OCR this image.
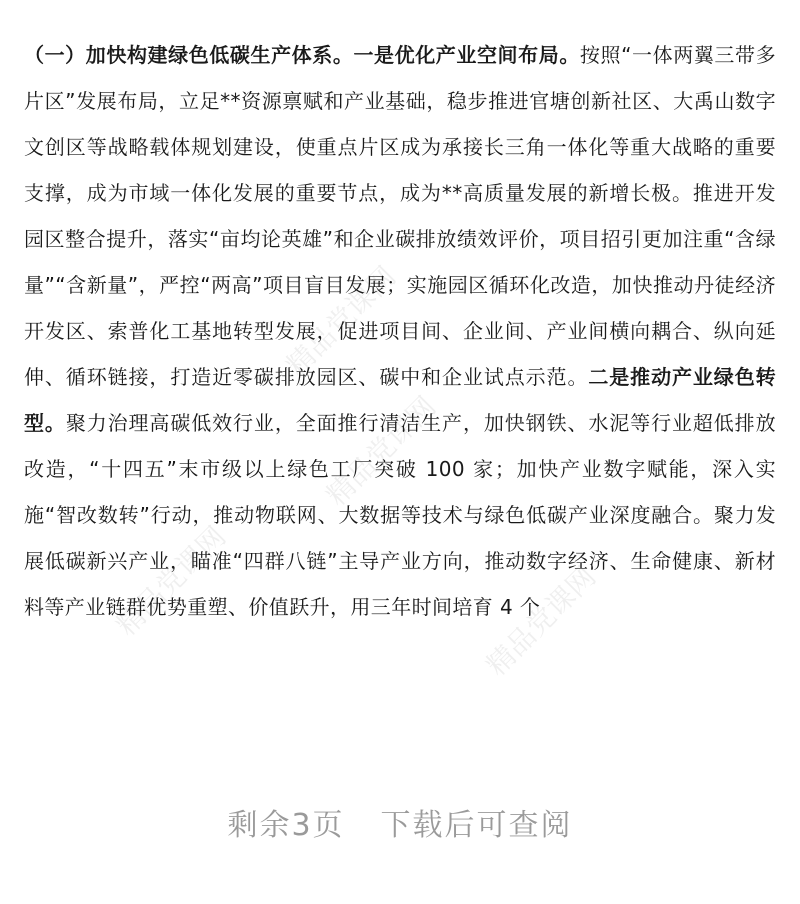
精品党课网
精品党课网
精品党课网	精品党课网

（一）加快构建绿色低碳生产体系。一是优化产业空间布局。按照“一体两翼三带多片区”发展布局，立足**资源禀赋和产业基础，稳步推进官塘创新社区、大禹山数字文创区等战略载体规划建设，使重点片区成为承接长三角一体化等重大战略的重要支撑，成为市域一体化发展的重要节点，成为**高质量发展的新增长极。推进开发园区整合提升，落实“亩均论英雄”和企业碳排放绩效评价，项目招引更加注重“含绿量”“含新量”，严控“两高”项目盲目发展；实施园区循环化改造，加快推动丹徒经济开发区、索普化工基地转型发展，促进项目间、企业间、产业间横向耦合、纵向延伸、循环链接，打造近零碳排放园区、碳中和企业试点示范。二是推动产业绿色转型。聚力治理高碳低效行业，全面推行清洁生产，加快钢铁、水泥等行业超低排放改造，“十四五”末市级以上绿色工厂突破 100 家；加快产业数字赋能，深入实施“智改数转”行动，推动物联网、大数据等技术与绿色低碳产业深度融合。聚力发展低碳新兴产业，瞄准“四群八链”主导产业方向，推动数字经济、生命健康、新材料等产业链群优势重塑、价值跃升，用三年时间培育 4 个

剩余3页 下载后可查阅
